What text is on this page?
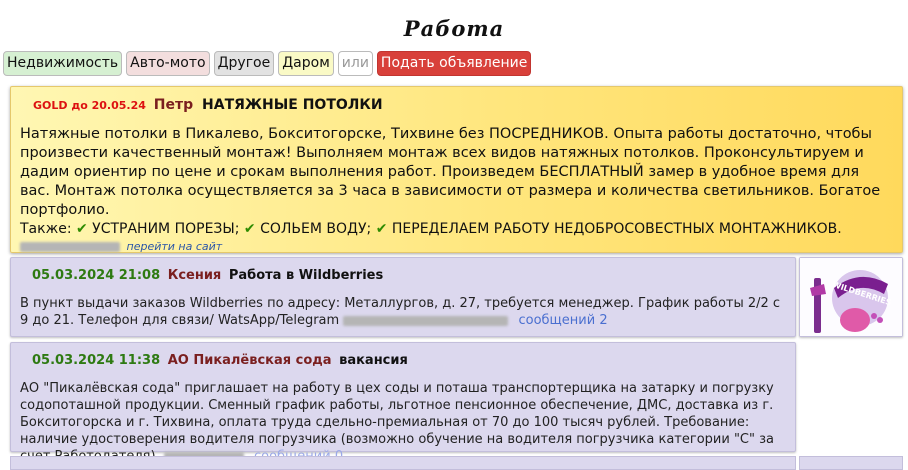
Работа
Недвижимость Авто-мото Другое Даром или Подать объявление
GOLD до 20.05.24 Петр НАТЯЖНЫЕ ПОТОЛКИ
Натяжные потолки в Пикалево, Бокситогорске, Тихвине без ПОСРЕДНИКОВ. Опыта работы достаточно, чтобы произвести качественный монтаж! Выполняем монтаж всех видов натяжных потолков. Проконсультируем и дадим ориентир по цене и срокам выполнения работ. Произведем БЕСПЛАТНЫЙ замер в удобное время для вас. Монтаж потолка осуществляется за 3 часа в зависимости от размера и количества светильников. Богатое портфолио.
Также: ✔ УСТРАНИМ ПОРЕЗЫ; ✔ СОЛЬЕМ ВОДУ; ✔ ПЕРЕДЕЛАЕМ РАБОТУ НЕДОБРОСОВЕСТНЫХ МОНТАЖНИКОВ.
перейти на сайт
05.03.2024 21:08 Ксения Работа в Wildberries
В пункт выдачи заказов Wildberries по адресу: Металлургов, д. 27, требуется менеджер. График работы 2/2 с 9 до 21. Телефон для связи/ WatsApp/Telegram	сообщений 2
WILDBERRIES
05.03.2024 11:38 АО Пикалёвская сода вакансия
АО "Пикалёвская сода" приглашает на работу в цех соды и поташа транспортерщика на затарку и погрузку содопоташной продукции. Сменный график работы, льготное пенсионное обеспечение, ДМС, доставка из г. Бокситогорска и г. Тихвина, оплата труда сдельно-премиальная от 70 до 100 тысяч рублей. Требование: наличие удостоверения водителя погрузчика (возможно обучение на водителя погрузчика категории "С" за
